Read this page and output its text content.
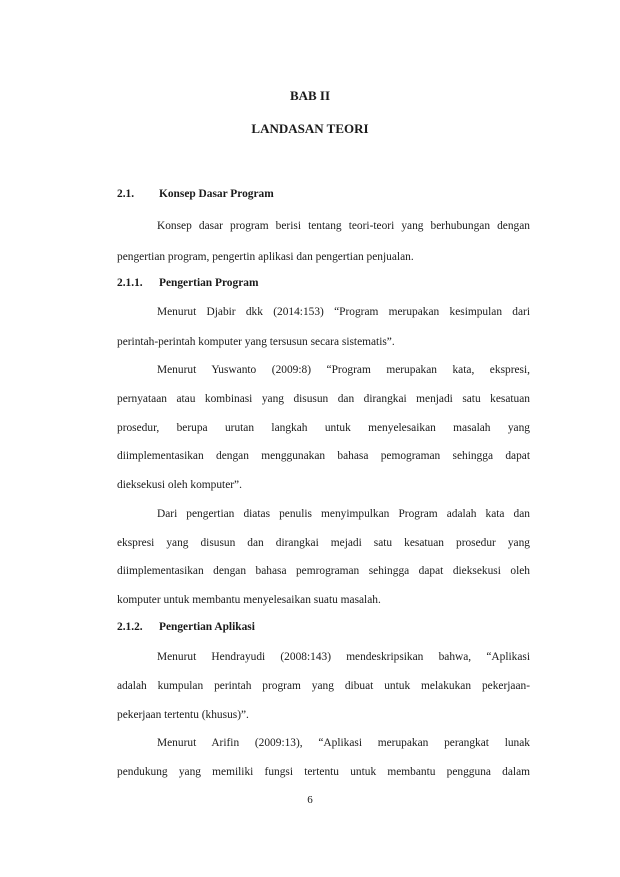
BAB II
LANDASAN TEORI
2.1. Konsep Dasar Program
Konsep dasar program berisi tentang teori-teori yang berhubungan dengan
pengertian program, pengertin aplikasi dan pengertian penjualan.
2.1.1. Pengertian Program
Menurut Djabir dkk (2014:153) “Program merupakan kesimpulan dari
perintah-perintah komputer yang tersusun secara sistematis”.
Menurut Yuswanto (2009:8) “Program merupakan kata, ekspresi,
pernyataan atau kombinasi yang disusun dan dirangkai menjadi satu kesatuan
prosedur, berupa urutan langkah untuk menyelesaikan masalah yang
diimplementasikan dengan menggunakan bahasa pemograman sehingga dapat
dieksekusi oleh komputer”.
Dari pengertian diatas penulis menyimpulkan Program adalah kata dan
ekspresi yang disusun dan dirangkai mejadi satu kesatuan prosedur yang
diimplementasikan dengan bahasa pemrograman sehingga dapat dieksekusi oleh
komputer untuk membantu menyelesaikan suatu masalah.
2.1.2. Pengertian Aplikasi
Menurut Hendrayudi (2008:143) mendeskripsikan bahwa, “Aplikasi
adalah kumpulan perintah program yang dibuat untuk melakukan pekerjaan-
pekerjaan tertentu (khusus)”.
Menurut Arifin (2009:13), “Aplikasi merupakan perangkat lunak
pendukung yang memiliki fungsi tertentu untuk membantu pengguna dalam
6
